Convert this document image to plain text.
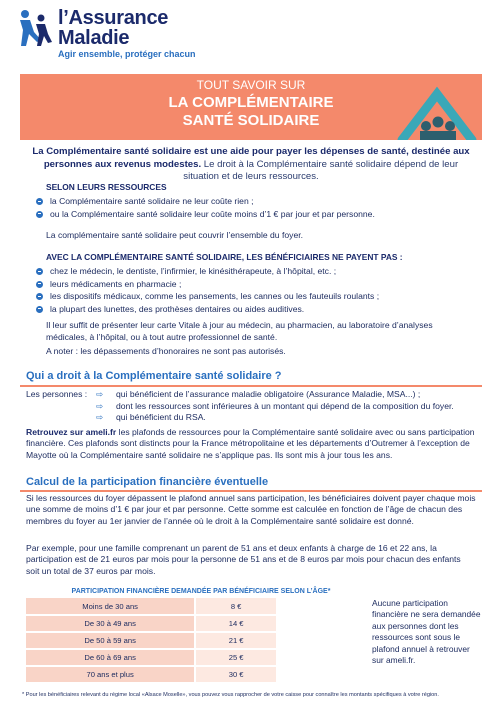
l’Assurance
Maladie
Agir ensemble, protéger chacun
TOUT SAVOIR SUR
LA COMPLÉMENTAIRE
SANTÉ SOLIDAIRE
La Complémentaire santé solidaire est une aide pour payer les dépenses de santé, destinée aux personnes aux revenus modestes. Le droit à la Complémentaire santé solidaire dépend de leur situation et de leurs ressources.
SELON LEURS RESSOURCES
la Complémentaire santé solidaire ne leur coûte rien ;
ou la Complémentaire santé solidaire leur coûte moins d’1 € par jour et par personne.
La complémentaire santé solidaire peut couvrir l’ensemble du foyer.
AVEC LA COMPLÉMENTAIRE SANTÉ SOLIDAIRE, LES BÉNÉFICIAIRES NE PAYENT PAS :
chez le médecin, le dentiste, l’infirmier, le kinésithérapeute, à l’hôpital, etc. ;
leurs médicaments en pharmacie ;
les dispositifs médicaux, comme les pansements, les cannes ou les fauteuils roulants ;
la plupart des lunettes, des prothèses dentaires ou aides auditives.
Il leur suffit de présenter leur carte Vitale à jour au médecin, au pharmacien, au laboratoire d’analyses médicales, à l’hôpital, ou à tout autre professionnel de santé.
A noter : les dépassements d’honoraires ne sont pas autorisés.
Qui a droit à la Complémentaire santé solidaire ?
Les personnes : ⇨ qui bénéficient de l’assurance maladie obligatoire (Assurance Maladie, MSA...) ;
⇨ dont les ressources sont inférieures à un montant qui dépend de la composition du foyer.
⇨ qui bénéficient du RSA.
Retrouvez sur ameli.fr les plafonds de ressources pour la Complémentaire santé solidaire avec ou sans participation financière. Ces plafonds sont distincts pour la France métropolitaine et les départements d’Outremer à l’exception de Mayotte où la Complémentaire santé solidaire ne s’applique pas. Ils sont mis à jour tous les ans.
Calcul de la participation financière éventuelle
Si les ressources du foyer dépassent le plafond annuel sans participation, les bénéficiaires doivent payer chaque mois une somme de moins d’1 € par jour et par personne. Cette somme est calculée en fonction de l’âge de chacun des membres du foyer au 1er janvier de l’année où le droit à la Complémentaire santé solidaire est donné.
Par exemple, pour une famille comprenant un parent de 51 ans et deux enfants à charge de 16 et 22 ans, la participation est de 21 euros par mois pour la personne de 51 ans et de 8 euros par mois pour chacun des enfants soit un total de 37 euros par mois.
PARTICIPATION FINANCIÈRE DEMANDÉE PAR BÉNÉFICIAIRE SELON L’ÂGE*
Moins de 30 ans	8 €
De 30 à 49 ans	14 €
De 50 à 59 ans	21 €
De 60 à 69 ans	25 €
70 ans et plus	30 €
Aucune participation financière ne sera demandée aux personnes dont les ressources sont sous le plafond annuel à retrouver sur ameli.fr.
* Pour les bénéficiaires relevant du régime local «Alsace Moselle», vous pouvez vous rapprocher de votre caisse pour connaître les montants spécifiques à votre région.
